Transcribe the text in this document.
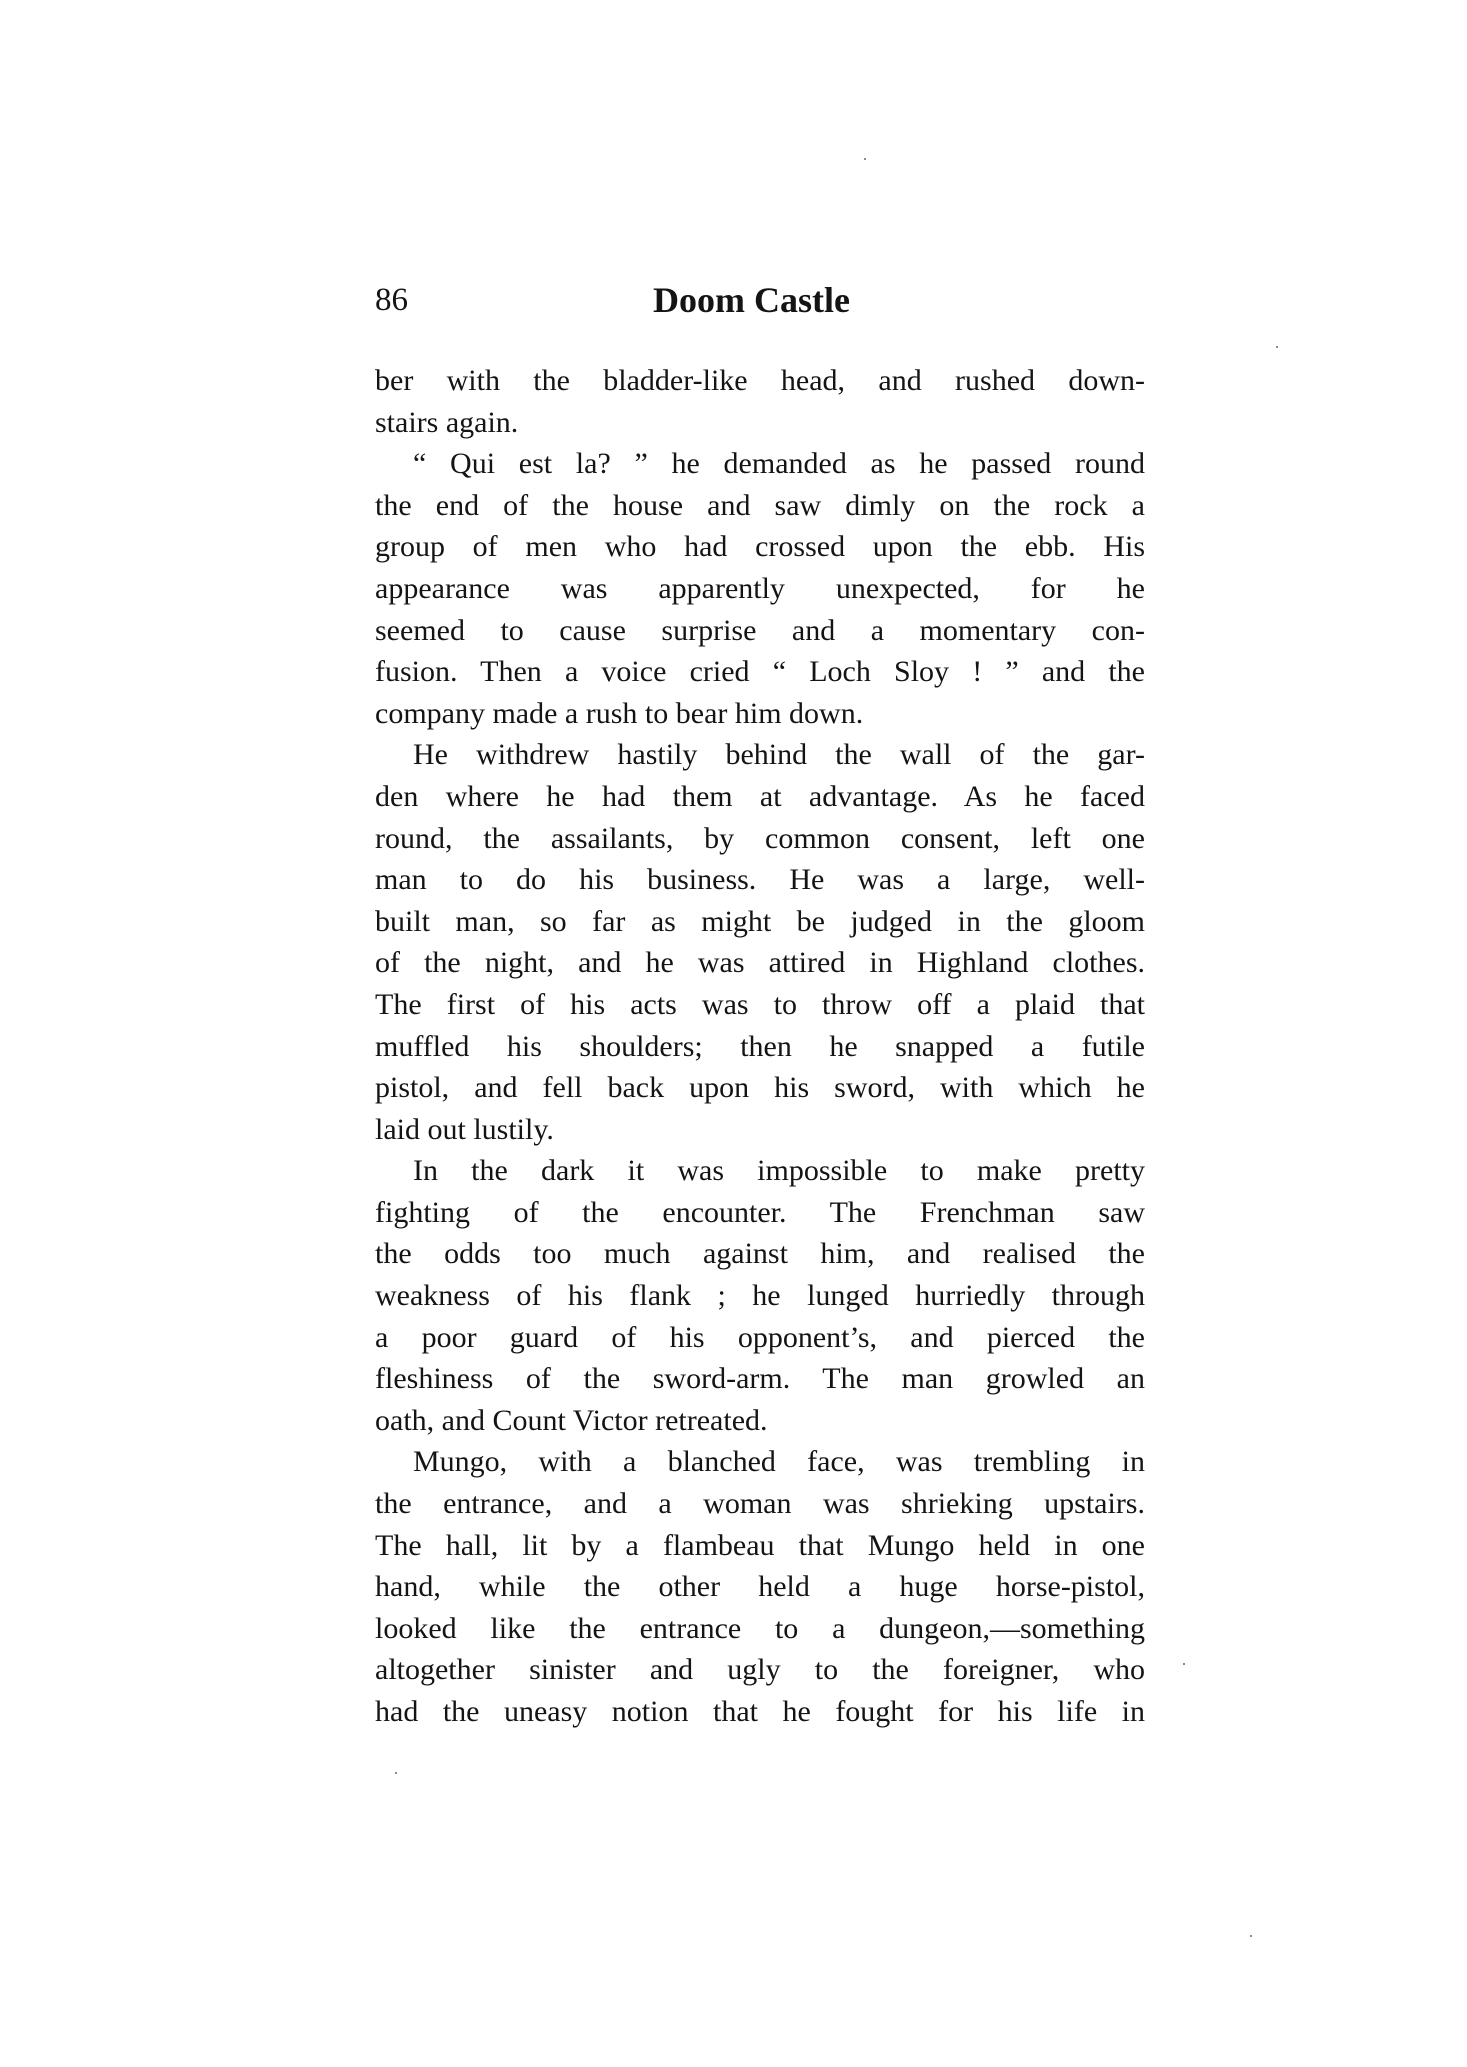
86	Doom Castle
ber with the bladder-like head, and rushed down-
stairs again.
“ Qui est la? ” he demanded as he passed round
the end of the house and saw dimly on the rock a
group of men who had crossed upon the ebb. His
appearance was apparently unexpected, for he
seemed to cause surprise and a momentary con-
fusion. Then a voice cried “ Loch Sloy ! ” and the
company made a rush to bear him down.
He withdrew hastily behind the wall of the gar-
den where he had them at advantage. As he faced
round, the assailants, by common consent, left one
man to do his business. He was a large, well-
built man, so far as might be judged in the gloom
of the night, and he was attired in Highland clothes.
The first of his acts was to throw off a plaid that
muffled his shoulders; then he snapped a futile
pistol, and fell back upon his sword, with which he
laid out lustily.
In the dark it was impossible to make pretty
fighting of the encounter. The Frenchman saw
the odds too much against him, and realised the
weakness of his flank ; he lunged hurriedly through
a poor guard of his opponent’s, and pierced the
fleshiness of the sword-arm. The man growled an
oath, and Count Victor retreated.
Mungo, with a blanched face, was trembling in
the entrance, and a woman was shrieking upstairs.
The hall, lit by a flambeau that Mungo held in one
hand, while the other held a huge horse-pistol,
looked like the entrance to a dungeon,—something
altogether sinister and ugly to the foreigner, who
had the uneasy notion that he fought for his life in
